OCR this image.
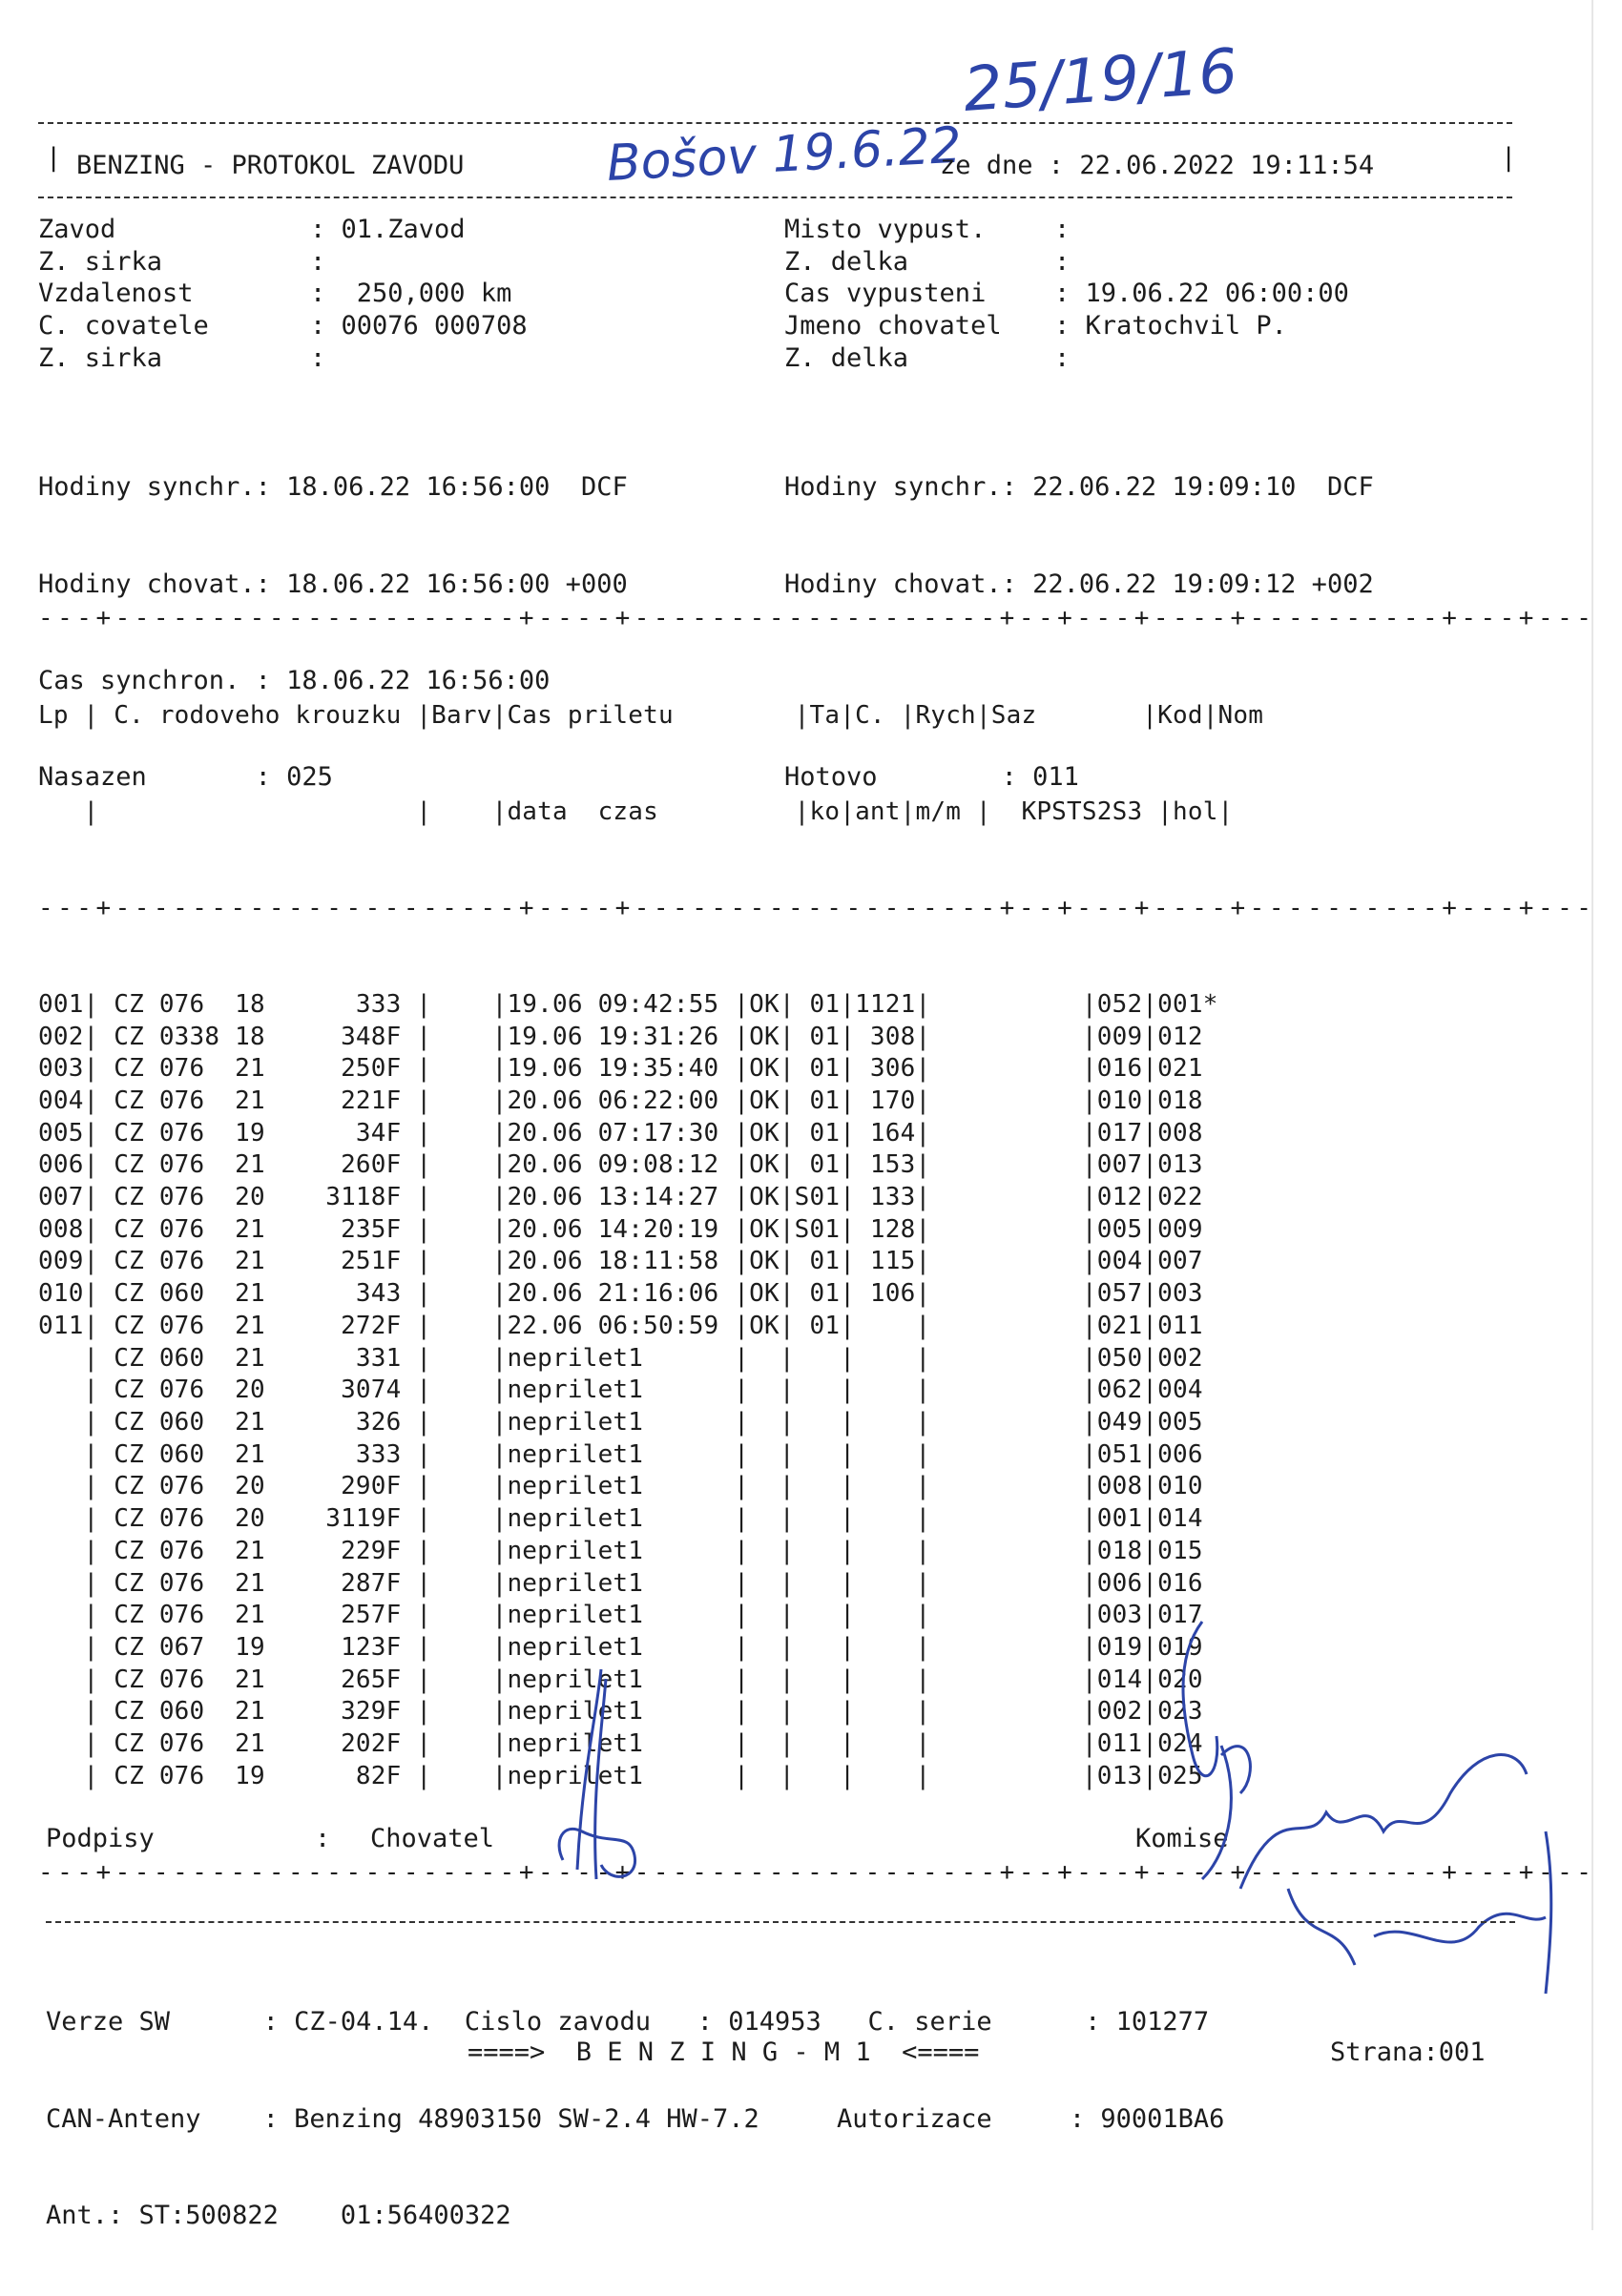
25/19/16
| BENZING - PROTOKOL ZAVODU	Bošov 19.6.22
ze dne : 22.06.2022 19:11:54	|
Zavod	: 01.Zavod
Z. sirka	:
Vzdalenost	:  250,000 km
C. covatele	: 00076 000708
Z. sirka	:
Misto vypust.	:
Z. delka	:
Cas vypusteni	: 19.06.22 06:00:00
Jmeno chovatel : Kratochvil P.
Z. delka	:

Hodiny synchr.: 18.06.22 16:56:00  DCF

Hodiny chovat.: 18.06.22 16:56:00 +000

Cas synchron. : 18.06.22 16:56:00

Nasazen       : 025

Hodiny synchr.: 22.06.22 19:09:10  DCF

Hodiny chovat.: 22.06.22 19:09:12 +002

Hotovo        : 011

---+---------------------+----+-------------------+--+---+----+----------+---+---

Lp | C. rodoveho krouzku |Barv|Cas priletu        |Ta|C. |Rych|Saz       |Kod|Nom

|                     |    |data  czas         |ko|ant|m/m |  KPSTS2S3 |hol|

---+---------------------+----+-------------------+--+---+----+----------+---+---

001| CZ 076  18      333 |    |19.06 09:42:55 |OK| 01|1121|          |052|001*
002| CZ 0338 18     348F |    |19.06 19:31:26 |OK| 01| 308|          |009|012
003| CZ 076  21     250F |    |19.06 19:35:40 |OK| 01| 306|          |016|021
004| CZ 076  21     221F |    |20.06 06:22:00 |OK| 01| 170|          |010|018
005| CZ 076  19      34F |    |20.06 07:17:30 |OK| 01| 164|          |017|008
006| CZ 076  21     260F |    |20.06 09:08:12 |OK| 01| 153|          |007|013
007| CZ 076  20    3118F |    |20.06 13:14:27 |OK|S01| 133|          |012|022
008| CZ 076  21     235F |    |20.06 14:20:19 |OK|S01| 128|          |005|009
009| CZ 076  21     251F |    |20.06 18:11:58 |OK| 01| 115|          |004|007
010| CZ 060  21      343 |    |20.06 21:16:06 |OK| 01| 106|          |057|003
011| CZ 076  21     272F |    |22.06 06:50:59 |OK| 01|    |          |021|011
| CZ 060  21      331 |    |neprilet1      |  |   |    |          |050|002
| CZ 076  20     3074 |    |neprilet1      |  |   |    |          |062|004
| CZ 060  21      326 |    |neprilet1      |  |   |    |          |049|005
| CZ 060  21      333 |    |neprilet1      |  |   |    |          |051|006
| CZ 076  20     290F |    |neprilet1      |  |   |    |          |008|010
| CZ 076  20    3119F |    |neprilet1      |  |   |    |          |001|014
| CZ 076  21     229F |    |neprilet1      |  |   |    |          |018|015
| CZ 076  21     287F |    |neprilet1      |  |   |    |          |006|016
| CZ 076  21     257F |    |neprilet1      |  |   |    |          |003|017
| CZ 067  19     123F |    |neprilet1      |  |   |    |          |019|019
| CZ 076  21     265F |    |neprilet1      |  |   |    |          |014|020
| CZ 060  21     329F |    |neprilet1      |  |   |    |          |002|023
| CZ 076  21     202F |    |neprilet1      |  |   |    |          |011|024
| CZ 076  19      82F |    |neprilet1      |  |   |    |          |013|025

---+---------------------+----+-------------------+--+---+----+----------+---+---

Podpisy	: Chovatel	Komise

Verze SW      : CZ-04.14.  Cislo zavodu   : 014953   C. serie      : 101277

CAN-Anteny    : Benzing 48903150 SW-2.4 HW-7.2     Autorizace     : 90001BA6

Ant.: ST:500822    01:56400322

====>  B E N Z I N G - M 1  <====	Strana:001
